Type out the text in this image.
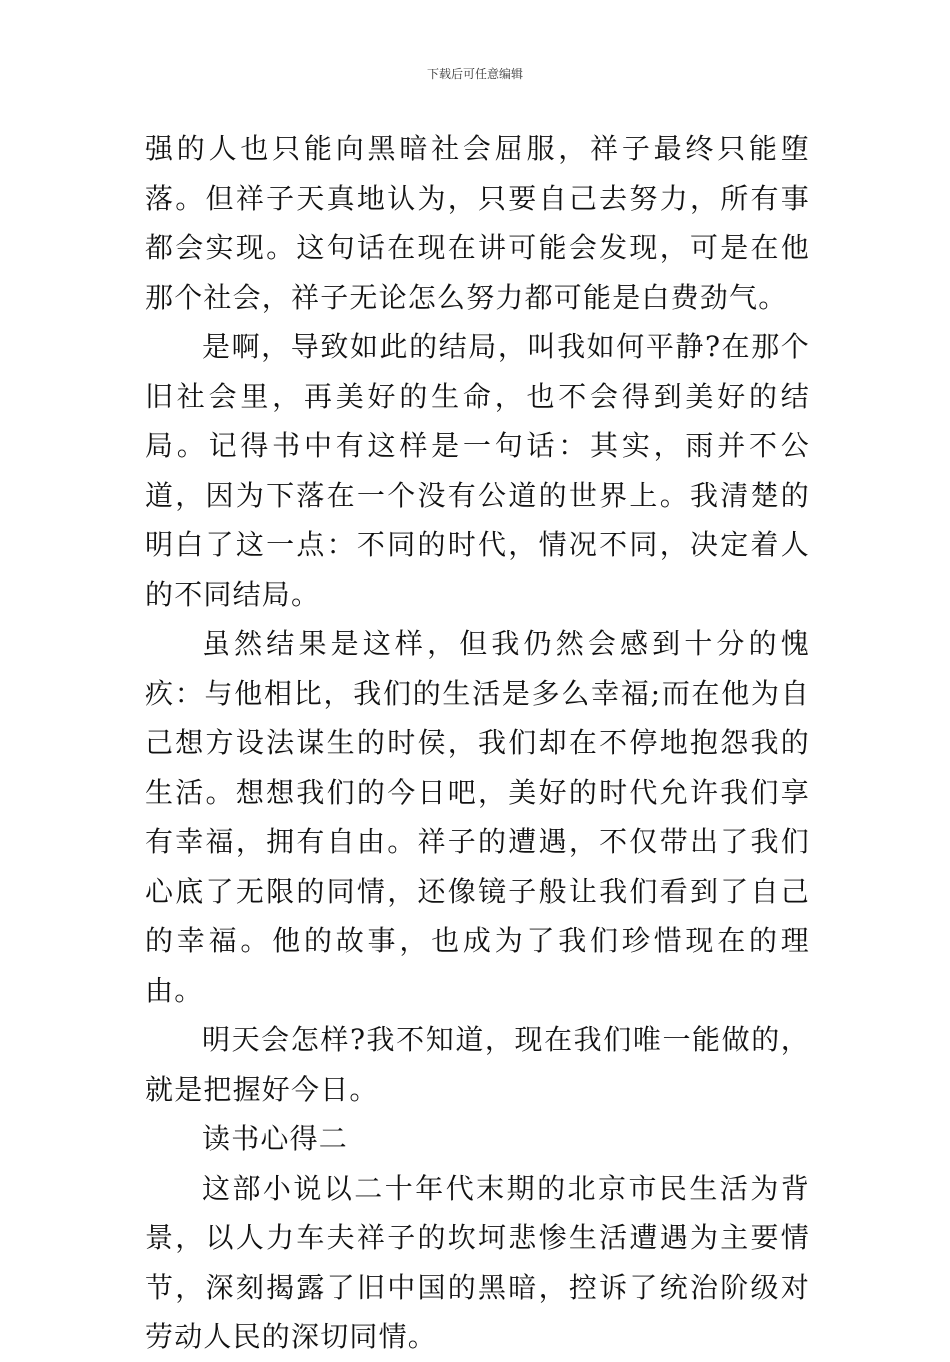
下载后可任意编辑

强的人也只能向黑暗社会屈服，祥子最终只能堕落。但祥子天真地认为，只要自己去努力，所有事都会实现。这句话在现在讲可能会发现，可是在他那个社会，祥子无论怎么努力都可能是白费劲气。

是啊，导致如此的结局，叫我如何平静?在那个旧社会里，再美好的生命，也不会得到美好的结局。记得书中有这样是一句话：其实，雨并不公道，因为下落在一个没有公道的世界上。我清楚的明白了这一点：不同的时代，情况不同，决定着人的不同结局。

虽然结果是这样，但我仍然会感到十分的愧疚：与他相比，我们的生活是多么幸福;而在他为自己想方设法谋生的时侯，我们却在不停地抱怨我的生活。想想我们的今日吧，美好的时代允许我们享有幸福，拥有自由。祥子的遭遇，不仅带出了我们心底了无限的同情，还像镜子般让我们看到了自己的幸福。他的故事，也成为了我们珍惜现在的理由。

明天会怎样?我不知道，现在我们唯一能做的，就是把握好今日。

读书心得二

这部小说以二十年代末期的北京市民生活为背景，以人力车夫祥子的坎坷悲惨生活遭遇为主要情节，深刻揭露了旧中国的黑暗，控诉了统治阶级对劳动人民的深切同情。
